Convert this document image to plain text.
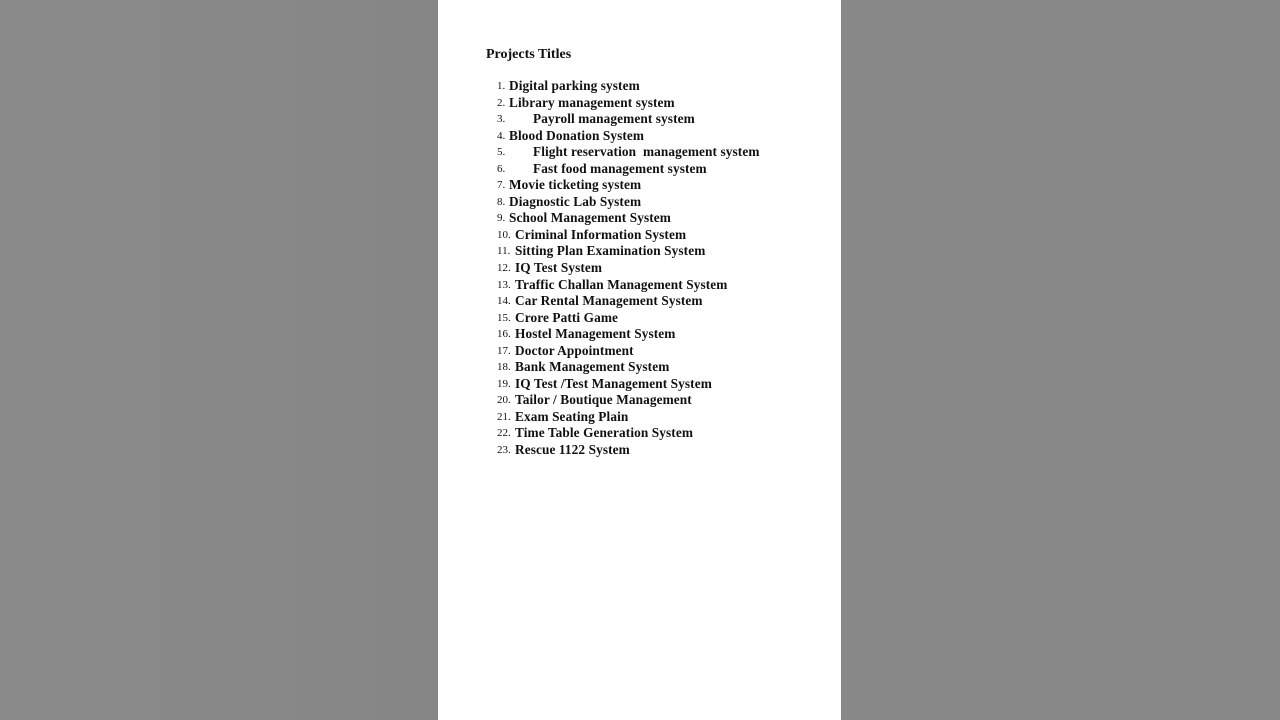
Projects Titles
1. Digital parking system
2. Library management system
3.	Payroll management system
4. Blood Donation System
5.	Flight reservation  management system
6.	Fast food management system
7. Movie ticketing system
8. Diagnostic Lab System
9. School Management System
10. Criminal Information System
11. Sitting Plan Examination System
12. IQ Test System
13. Traffic Challan Management System
14. Car Rental Management System
15. Crore Patti Game
16. Hostel Management System
17. Doctor Appointment
18. Bank Management System
19. IQ Test /Test Management System
20. Tailor / Boutique Management
21. Exam Seating Plain
22. Time Table Generation System
23. Rescue 1122 System
